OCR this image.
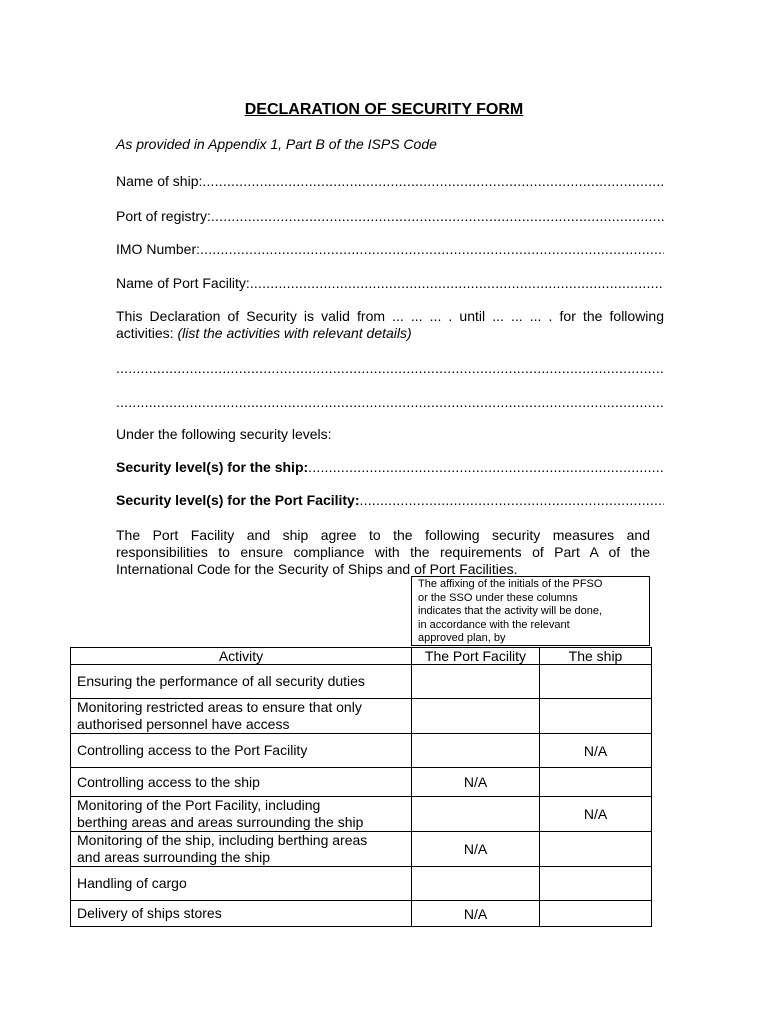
DECLARATION OF SECURITY FORM
As provided in Appendix 1, Part B of the ISPS Code
Name of ship:
.....
Port of registry:
.....
IMO Number:
.....
Name of Port Facility:
.....
This Declaration of Security is valid from ... ... ... . until ... ... ... . for the following
activities: (list the activities with relevant details)
.....
.....
Under the following security levels:
Security level(s) for the ship:
.....
Security level(s) for the Port Facility:
.....
The Port Facility and ship agree to the following security measures and
responsibilities to ensure compliance with the requirements of Part A of the
International Code for the Security of Ships and of Port Facilities.
The affixing of the initials of the PFSO
or the SSO under these columns
indicates that the activity will be done,
in accordance with the relevant
approved plan, by
Activity	The Port Facility	The ship

Ensuring the performance of all security duties		

Monitoring restricted areas to ensure that only
authorised personnel have access		

Controlling access to the Port Facility		N/A

Controlling access to the ship	N/A	

Monitoring of the Port Facility, including
berthing areas and areas surrounding the ship		N/A

Monitoring of the ship, including berthing areas
and areas surrounding the ship	N/A	

Handling of cargo		

Delivery of ships stores	N/A	
